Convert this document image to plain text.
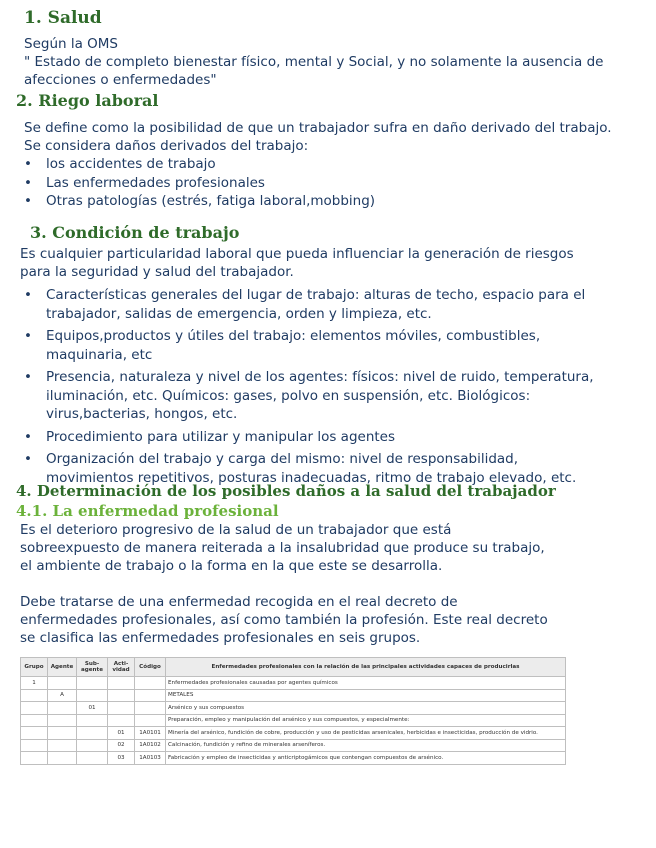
1. Salud
Según la OMS
" Estado de completo bienestar físico, mental y Social, y no solamente la ausencia de
afecciones o enfermedades"
2. Riego laboral
Se define como la posibilidad de que un trabajador sufra en daño derivado del trabajo.
Se considera daños derivados del trabajo:
• los accidentes de trabajo
• Las enfermedades profesionales
• Otras patologías (estrés, fatiga laboral,mobbing)
3. Condición de trabajo
Es cualquier particularidad laboral que pueda influenciar la generación de riesgos
para la seguridad y salud del trabajador.
• Características generales del lugar de trabajo: alturas de techo, espacio para el
trabajador, salidas de emergencia, orden y limpieza, etc.
• Equipos,productos y útiles del trabajo: elementos móviles, combustibles,
maquinaria, etc
• Presencia, naturaleza y nivel de los agentes: físicos: nivel de ruido, temperatura,
iluminación, etc. Químicos: gases, polvo en suspensión, etc. Biológicos:
virus,bacterias, hongos, etc.
• Procedimiento para utilizar y manipular los agentes
• Organización del trabajo y carga del mismo: nivel de responsabilidad,
movimientos repetitivos, posturas inadecuadas, ritmo de trabajo elevado, etc.
4. Determinación de los posibles daños a la salud del trabajador
4.1. La enfermedad profesional
Es el deterioro progresivo de la salud de un trabajador que está
sobreexpuesto de manera reiterada a la insalubridad que produce su trabajo,
el ambiente de trabajo o la forma en la que este se desarrolla.
Debe tratarse de una enfermedad recogida en el real decreto de
enfermedades profesionales, así como también la profesión. Este real decreto
se clasifica las enfermedades profesionales en seis grupos.
Grupo	Agente	Sub-agente	Acti-vidad	Código	Enfermedades profesionales con la relación de las principales actividades capaces de producirlas
1					Enfermedades profesionales causadas por agentes químicos
	A				METALES
		01			Arsénico y sus compuestos
					Preparación, empleo y manipulación del arsénico y sus compuestos, y especialmente:
			01	1A0101	Minería del arsénico, fundición de cobre, producción y uso de pesticidas arsenicales, herbicidas e insecticidas, producción de vidrio.
			02	1A0102	Calcinación, fundición y refino de minerales arseníferos.
			03	1A0103	Fabricación y empleo de insecticidas y anticriptogámicos que contengan compuestos de arsénico.
